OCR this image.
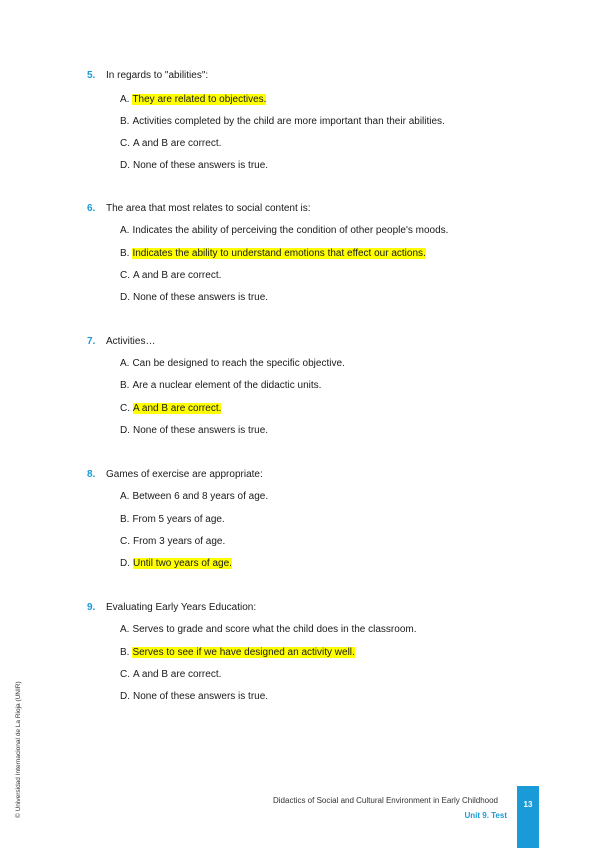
5. In regards to "abilities":
A. They are related to objectives.
B. Activities completed by the child are more important than their abilities.
C. A and B are correct.
D. None of these answers is true.
6. The area that most relates to social content is:
A. Indicates the ability of perceiving the condition of other people's moods.
B. Indicates the ability to understand emotions that effect our actions.
C. A and B are correct.
D. None of these answers is true.
7. Activities…
A. Can be designed to reach the specific objective.
B. Are a nuclear element of the didactic units.
C. A and B are correct.
D. None of these answers is true.
8. Games of exercise are appropriate:
A. Between 6 and 8 years of age.
B. From 5 years of age.
C. From 3 years of age.
D. Until two years of age.
9. Evaluating Early Years Education:
A. Serves to grade and score what the child does in the classroom.
B. Serves to see if we have designed an activity well.
C. A and B are correct.
D. None of these answers is true.
© Universidad Internacional de La Rioja (UNIR)	Didactics of Social and Cultural Environment in Early Childhood
Unit 9. Test
13
